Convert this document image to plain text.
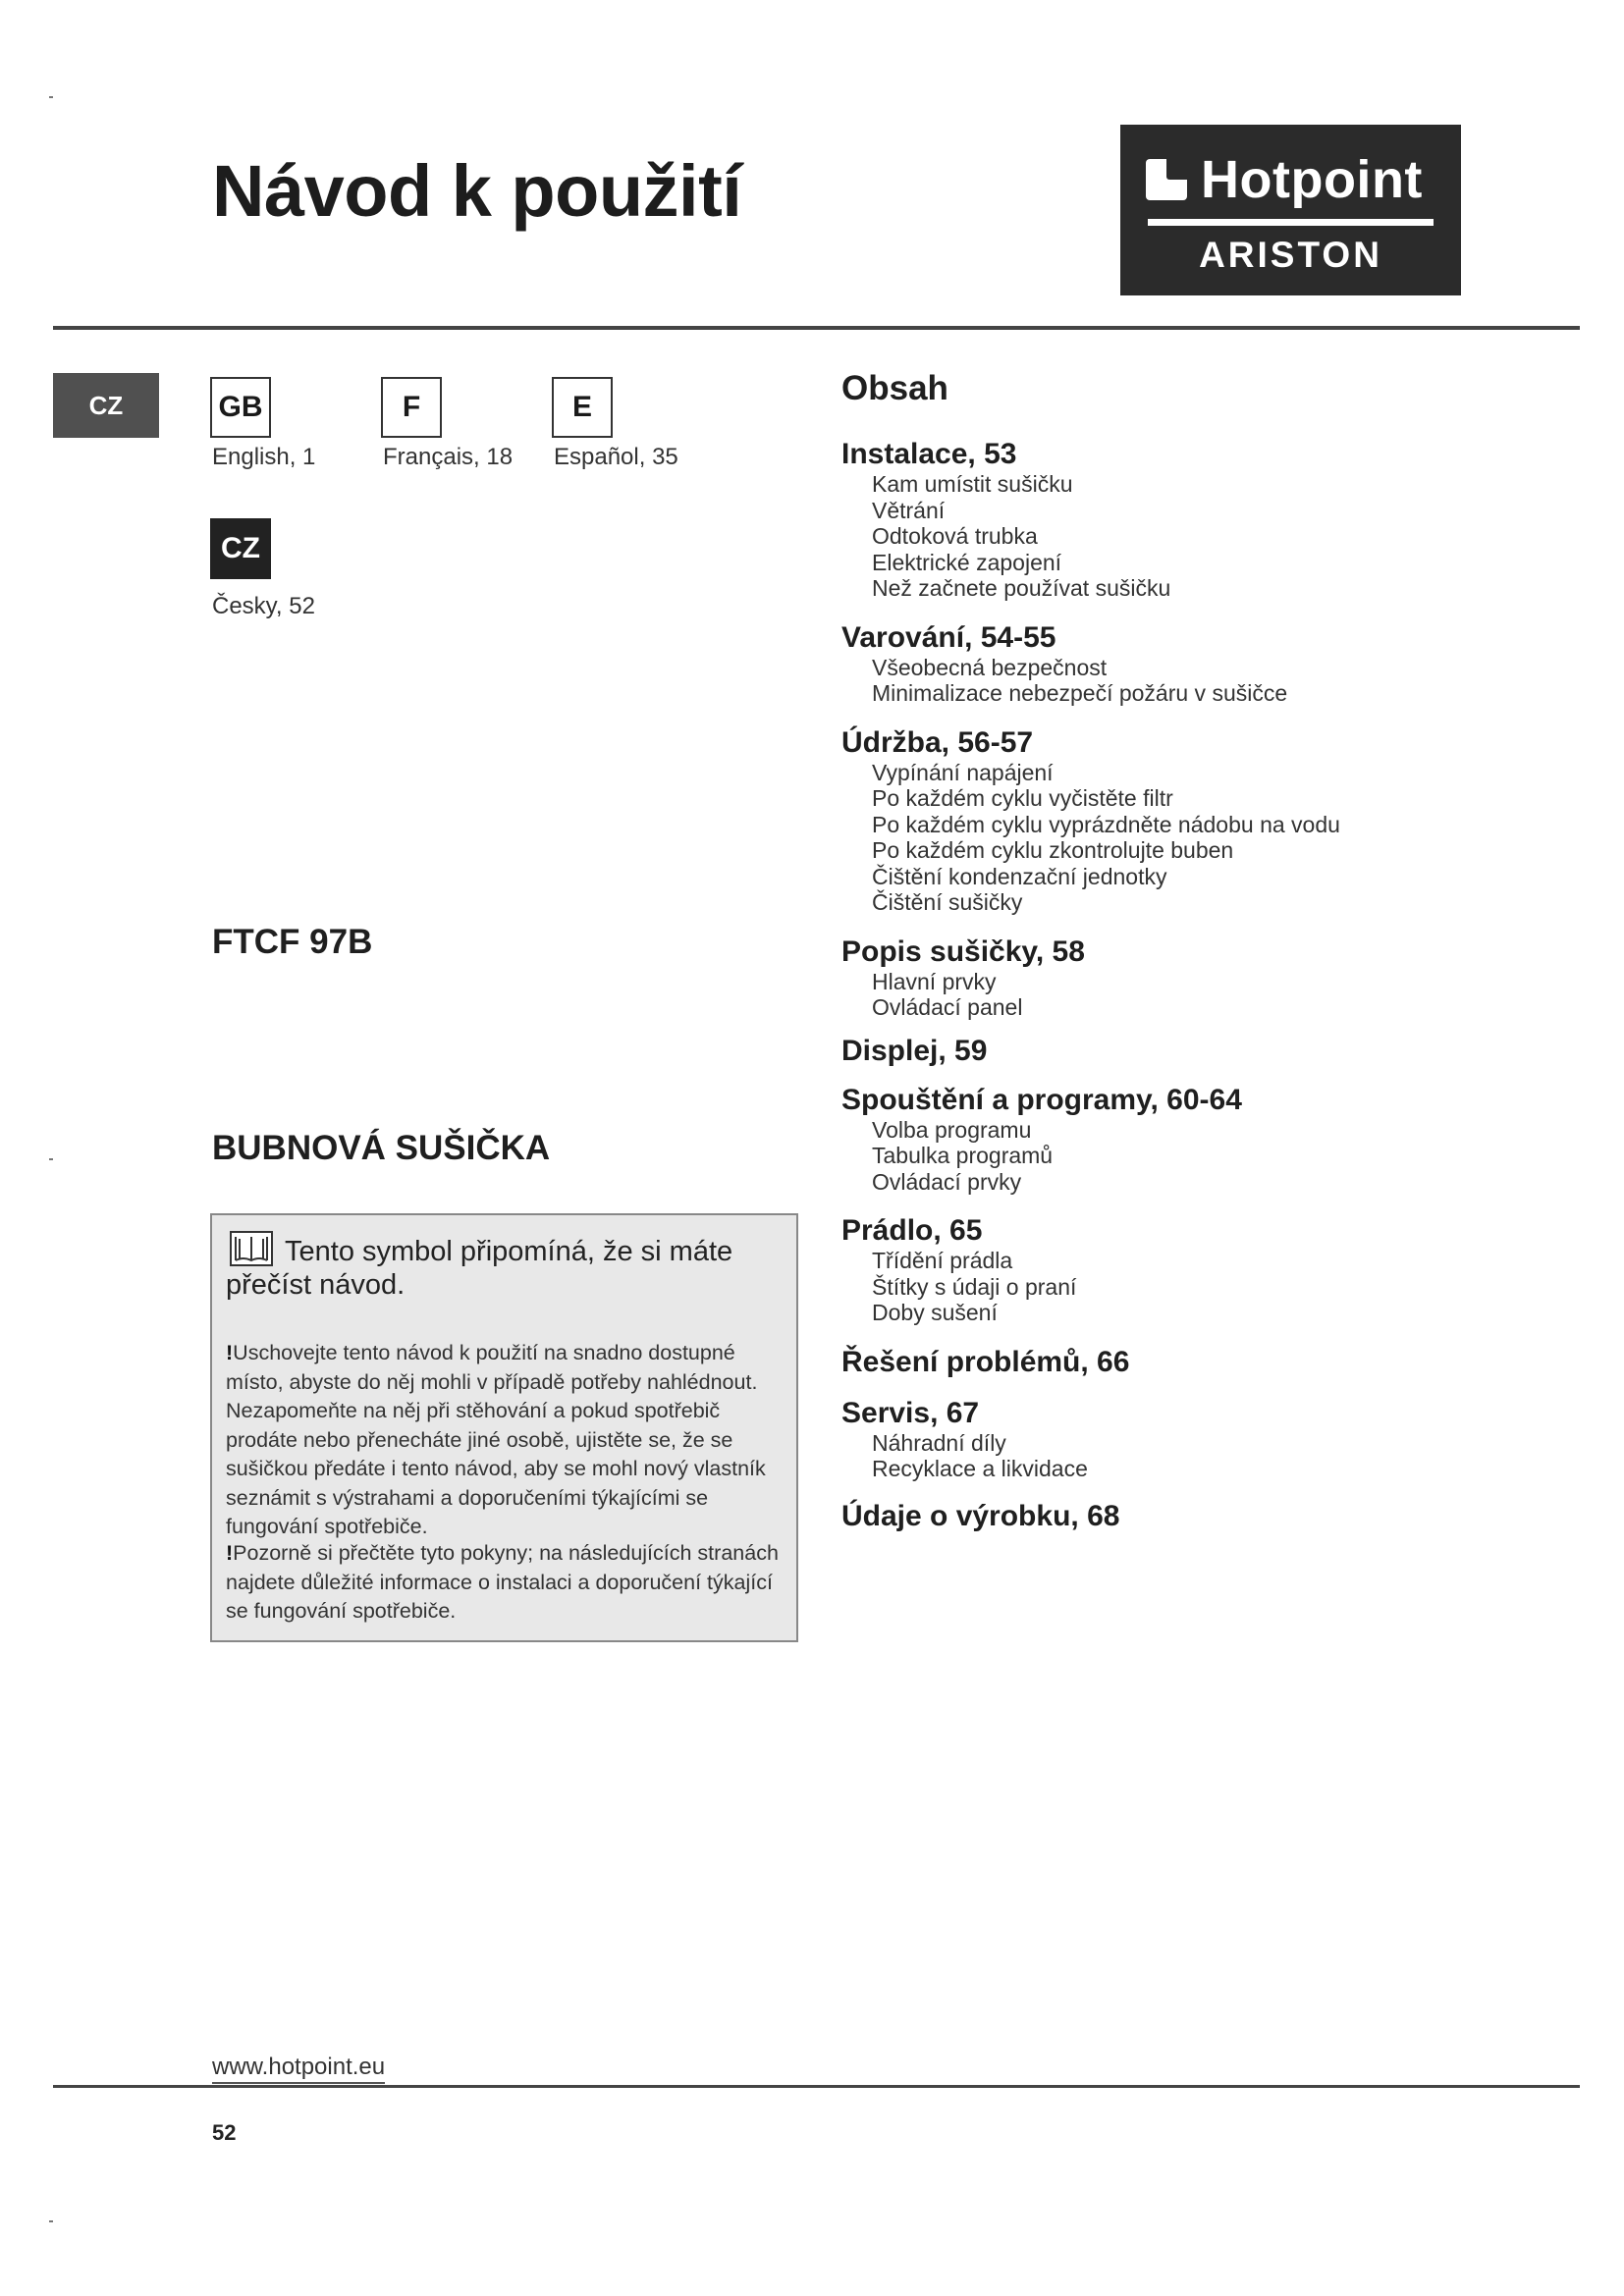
Návod k použití	Hotpoint
ARISTON
CZ	GB
English, 1
F
Français, 18
E
Español, 35
CZ
Česky, 52
FTCF 97B
BUBNOVÁ SUŠIČKA
Tento symbol připomíná, že si máte přečíst návod.
!Uschovejte tento návod k použití na snadno dostupné místo, abyste do něj mohli v případě potřeby nahlédnout. Nezapomeňte na něj při stěhování a pokud spotřebič prodáte nebo přenecháte jiné osobě, ujistěte se, že se sušičkou předáte i tento návod, aby se mohl nový vlastník seznámit s výstrahami a doporučeními týkajícími se fungování spotřebiče.
!Pozorně si přečtěte tyto pokyny; na následujících stranách najdete důležité informace o instalaci a doporučení týkající se fungování spotřebiče.
Obsah
Instalace, 53
Kam umístit sušičku
Větrání
Odtoková trubka
Elektrické zapojení
Než začnete používat sušičku
Varování, 54-55
Všeobecná bezpečnost
Minimalizace nebezpečí požáru v sušičce
Údržba, 56-57
Vypínání napájení
Po každém cyklu vyčistěte filtr
Po každém cyklu vyprázdněte nádobu na vodu
Po každém cyklu zkontrolujte buben
Čištění kondenzační jednotky
Čištění sušičky
Popis sušičky, 58
Hlavní prvky
Ovládací panel
Displej, 59
Spouštění a programy, 60-64
Volba programu
Tabulka programů
Ovládací prvky
Prádlo, 65
Třídění prádla
Štítky s údaji o praní
Doby sušení
Řešení problémů, 66
Servis, 67
Náhradní díly
Recyklace a likvidace
Údaje o výrobku, 68
www.hotpoint.eu
52
